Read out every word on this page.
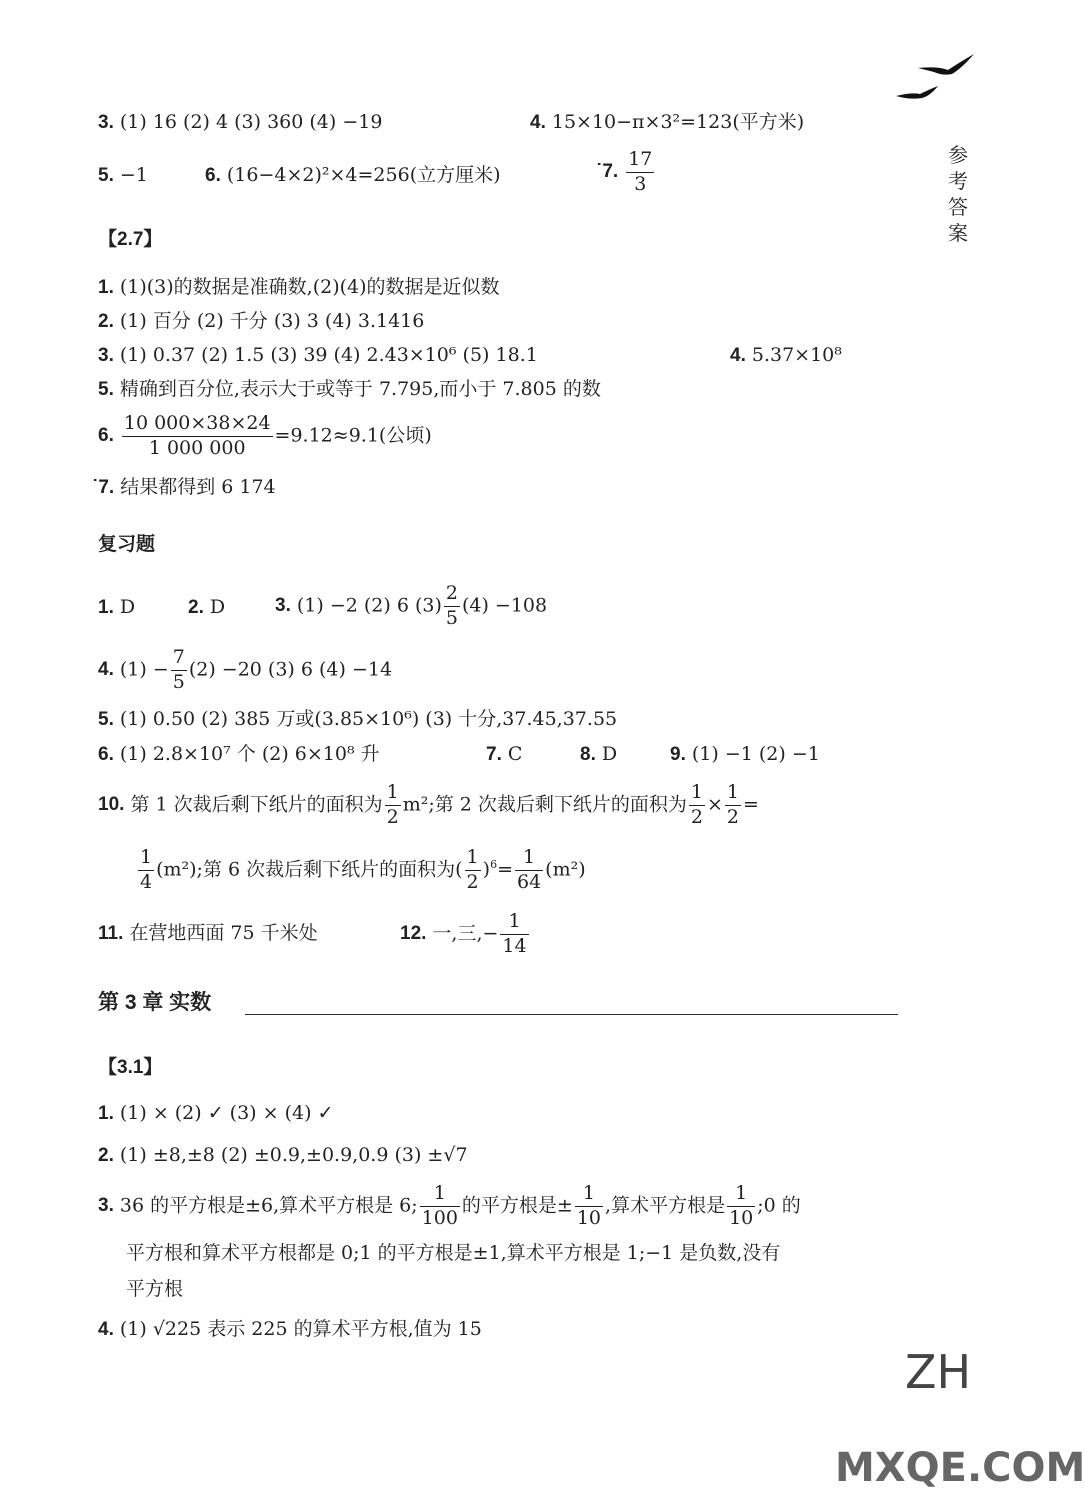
参考答案
3. (1) 16 (2) 4 (3) 360 (4) −19	4. 15×10−π×3²=123(平方米)
5. −1	6. (16−4×2)²×4=256(立方厘米)	˙7. $\frac{17}{3}$
【2.7】
1. (1)(3)的数据是准确数,(2)(4)的数据是近似数
2. (1) 百分 (2) 千分 (3) 3 (4) 3.1416
3. (1) 0.37 (2) 1.5 (3) 39 (4) 2.43×10⁶ (5) 18.1	4. 5.37×10⁸
5. 精确到百分位,表示大于或等于 7.795,而小于 7.805 的数
6. $\frac{10 000\times 38\times 24}{1 000 000} =9.12\approx 9.1$(公顷)
˙7. 结果都得到 6 174
复习题
1. D	2. D	3. (1) −2 (2) 6 $(3) \frac{2}{5} (4) -108$
4. $(1) - \frac{7}{5} (2) -20$ (3) 6 (4) −14
5. (1) 0.50 (2) 385 万或(3.85×10⁶) (3) 十分,37.45,37.55
6. (1) 2.8×10⁷ 个 (2) 6×10⁸ 升	7. C	8. D	9. (1) −1 (2) −1
10. 第 1 次裁后剩下纸片的面积为 $\frac{1}{2} m^2$;第 2 次裁后剩下纸片的面积为 $\frac{1}{2} \times \frac{1}{2}$ =
$\frac{1}{4} (m^2)$;第 6 次裁后剩下纸片的面积为( $\frac{1}{2} )^6= \frac{1}{64} (m^2)$
11. 在营地西面 75 千米处	12. 一,三,− $\frac{1}{14}$
第 3 章 实数
【3.1】
1. (1) × (2) ✓ (3) × (4) ✓
2. (1) ±8,±8 (2) ±0.9,±0.9,0.9 (3) ±√7
3. 36 的平方根是±6,算术平方根是 6; $\frac{1}{100}$ 的平方根是± $\frac{1}{10}$ ,算术平方根是 $\frac{1}{10}$ ;0 的
平方根和算术平方根都是 0;1 的平方根是±1,算术平方根是 1;−1 是负数,没有
平方根
4. (1) √225 表示 225 的算术平方根,值为 15
ZH
MXQE.COM
